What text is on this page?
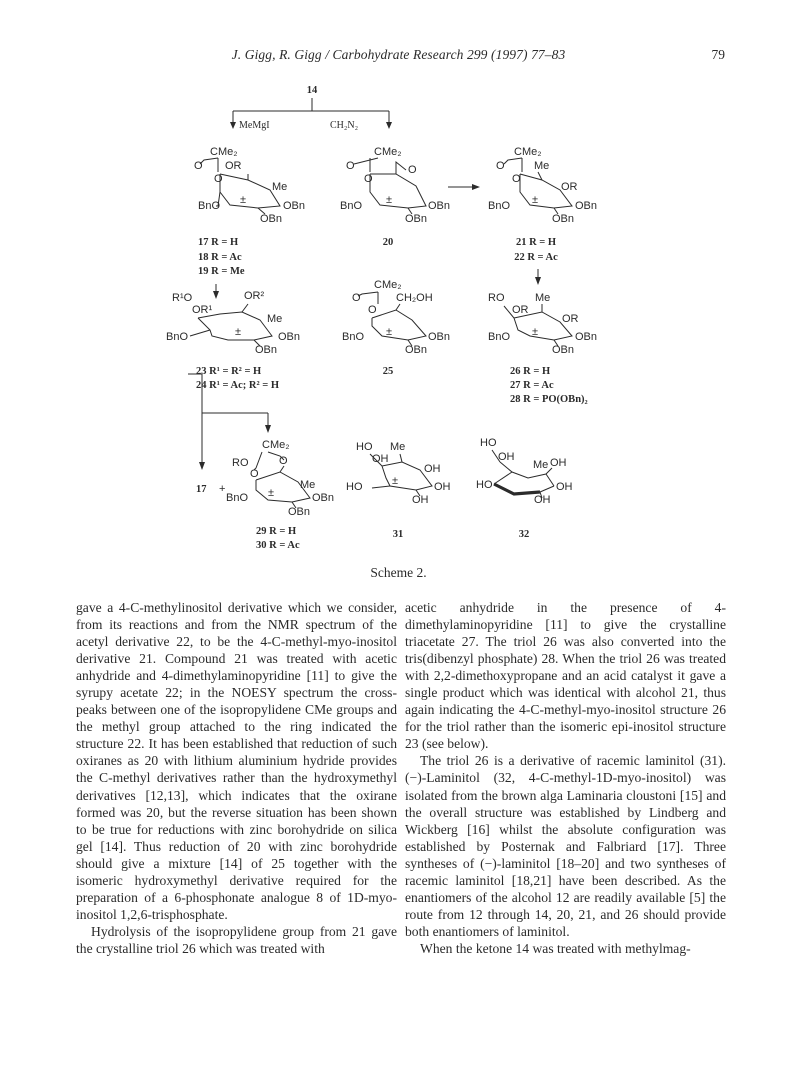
J. Gigg, R. Gigg / Carbohydrate Research 299 (1997) 77–83	79
14
MeMgI	CH₂N₂
CMe₂
O OR
O
Me
BnO	OBn
OBn
±
17 R = H
18 R = Ac
19 R = Me
CMe₂
O	O
O
BnO	OBn
OBn
±
20
CMe₂
O	Me
O
OR
BnO	OBn
OBn
±
21 R = H
22 R = Ac
R¹O	OR²
OR¹
Me
BnO	OBn
OBn
±
23 R¹ = R² = H
24 R¹ = Ac; R² = H
CMe₂
O	CH₂OH
O
BnO	OBn
OBn
±
25
RO	Me
OR
OR
BnO	OBn
OBn
±
26 R = H
27 R = Ac
28 R = PO(OBn)₂
17 +
CMe₂
RO	O
O
Me
BnO	OBn
OBn
±
29 R = H
30 R = Ac
HO Me
OH
OH
HO	OH
OH
±
31
HO
OH
Me OH
HO	OH
OH
32
Scheme 2.

gave a 4-C-methylinositol derivative which we consider, from its reactions and from the NMR spectrum of the acetyl derivative 22, to be the 4-C-methyl-myo-inositol derivative 21. Compound 21 was treated with acetic anhydride and 4-dimethylaminopyridine [11] to give the syrupy acetate 22; in the NOESY spectrum the cross-peaks between one of the isopropylidene CMe groups and the methyl group attached to the ring indicated the structure 22. It has been established that reduction of such oxiranes as 20 with lithium aluminium hydride provides the C-methyl derivatives rather than the hydroxymethyl derivatives [12,13], which indicates that the oxirane formed was 20, but the reverse situation has been shown to be true for reductions with zinc borohydride on silica gel [14]. Thus reduction of 20 with zinc borohydride should give a mixture [14] of 25 together with the isomeric hydroxymethyl derivative required for the preparation of a 6-phosphonate analogue 8 of 1D-myo-inositol 1,2,6-trisphosphate.

Hydrolysis of the isopropylidene group from 21 gave the crystalline triol 26 which was treated with

acetic anhydride in the presence of 4-dimethylaminopyridine [11] to give the crystalline triacetate 27. The triol 26 was also converted into the tris(dibenzyl phosphate) 28. When the triol 26 was treated with 2,2-dimethoxypropane and an acid catalyst it gave a single product which was identical with alcohol 21, thus again indicating the 4-C-methyl-myo-inositol structure 26 for the triol rather than the isomeric epi-inositol structure 23 (see below).

The triol 26 is a derivative of racemic laminitol (31). (−)-Laminitol (32, 4-C-methyl-1D-myo-inositol) was isolated from the brown alga Laminaria cloustoni [15] and the overall structure was established by Lindberg and Wickberg [16] whilst the absolute configuration was established by Posternak and Falbriard [17]. Three syntheses of (−)-laminitol [18–20] and two syntheses of racemic laminitol [18,21] have been described. As the enantiomers of the alcohol 12 are readily available [5] the route from 12 through 14, 20, 21, and 26 should provide both enantiomers of laminitol.

When the ketone 14 was treated with methylmag-
